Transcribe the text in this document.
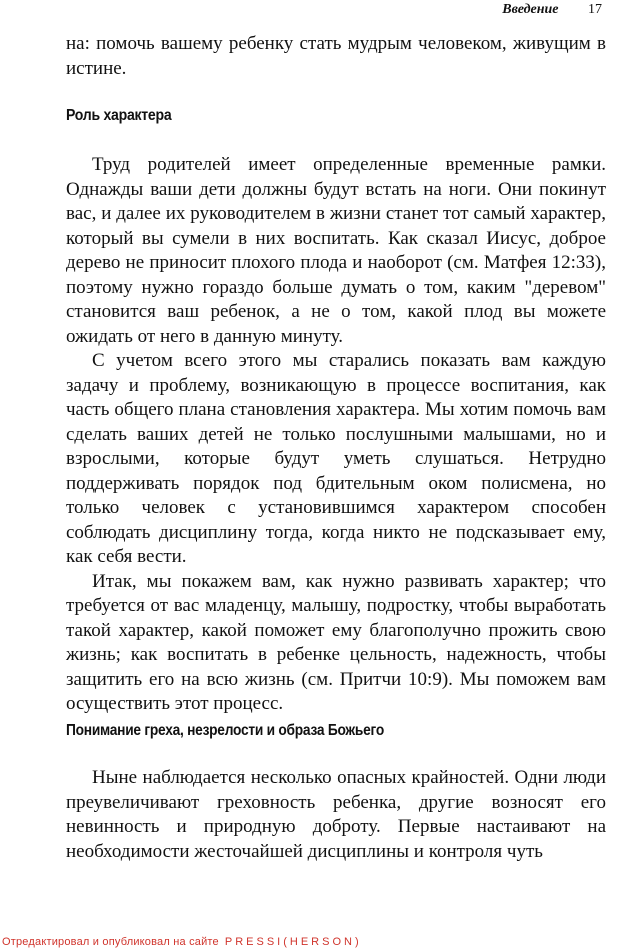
Введение 17

на: помочь вашему ребенку стать мудрым человеком, живущим в истине.

Роль характера

Труд родителей имеет определенные временные рамки. Однажды ваши дети должны будут встать на ноги. Они покинут вас, и далее их руководителем в жизни станет тот самый характер, который вы сумели в них воспитать. Как сказал Иисус, доброе дерево не приносит плохого плода и наоборот (см. Матфея 12:33), поэтому нужно гораздо больше думать о том, каким "деревом" становится ваш ребенок, а не о том, какой плод вы можете ожидать от него в данную минуту.

С учетом всего этого мы старались показать вам каждую задачу и проблему, возникающую в процессе воспитания, как часть общего плана становления характера. Мы хотим помочь вам сделать ваших детей не только послушными малышами, но и взрослыми, которые будут уметь слушаться. Нетрудно поддерживать порядок под бдительным оком полисмена, но только человек с установившимся характером способен соблюдать дисциплину тогда, когда никто не подсказывает ему, как себя вести.

Итак, мы покажем вам, как нужно развивать характер; что требуется от вас младенцу, малышу, подростку, чтобы выработать такой характер, какой поможет ему благополучно прожить свою жизнь; как воспитать в ребенке цельность, надежность, чтобы защитить его на всю жизнь (см. Притчи 10:9). Мы поможем вам осуществить этот процесс.

Понимание греха, незрелости и образа Божьего

Ныне наблюдается несколько опасных крайностей. Одни люди преувеличивают греховность ребенка, другие возносят его невинность и природную доброту. Первые настаивают на необходимости жесточайшей дисциплины и контроля чуть

Отредактировал и опубликовал на сайте PRESSI(HERSON)
